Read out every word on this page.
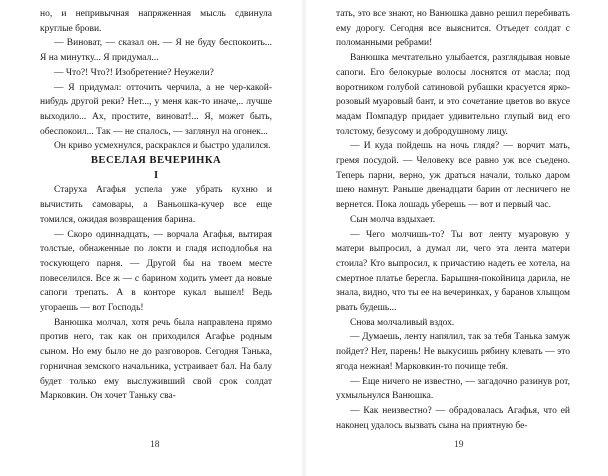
но, и непривычная напряженная мысль сдвинула круглые брови.

— Виноват, — сказал он. — Я не буду беспокоить... Я на минутку... Я придумал...

— Что?! Что?! Изобретение? Неужели?

— Я придумал: отточить черчила, а не чер-какой-нибудь другой реки? Нет..., у меня как-то иначе,.. лучше выходило... Ах, простите, виноват!... Я, может быть, обеспокоил... Так — не спалось, — заглянул на огонек...

Он криво усмехнулся, раскраклся и быстро удалился.

ВЕСЕЛАЯ ВЕЧЕРИНКА

I

Старуха Агафья успела уже убрать кухню и вычистить самовары, а Ваньошка-кучер все еще томился, ожидая возвращения барина.

— Скоро одиннадцать, — ворчала Агафья, вытирая толстые, обнаженные по локти и гладя исподлобья на тоскующего парня. — Другой бы на твоем месте повеселился. Все ж — с барином ходить умеет да новые сапоги трепать. А в конторе кукал вышел! Ведь угораешь — вот Господь!

Ванюшка молчал, хотя речь была направлена прямо против него, так как он приходился Агафье родным сыном. Но ему было не до разговоров. Сегодня Танька, горничная земского начальника, устраивает бал. На балу будет только ему выслуживший свой срок солдат Марковкин. Он хочет Таньку сва-

18	19

тать, это все знают, но Ванюшка давно решил перебивать ему дорогу. Сегодня все выяснится. Отъедет солдат с поломанными ребрами!

Ванюшка мечтательно улыбается, разглядывая новые сапоги. Его белокурые волосы лоснятся от масла; под воротником голубой сатиновой рубашки красуется ярко-розовый муаровый бант, и это сочетание цветов во вкусе мадам Помпадур придает удивительно глупый вид его толстому, безусому и добродушному лицу.

— И куда пойдешь на ночь глядя? — ворчит мать, гремя посудой. — Человеку все равно уж все съедено. Теперь парни, верно, уж драться начали, только даром шею намнут. Раньше двенадцати барин от лесничего не вернется. Пока лошадь уберешь — вот и первый час.

Сын молча вздыхает.

— Чего молчишь-то? Ты вот ленту муаровую у матери выпросил, а думал ли, чего эта лента матери стоила? Кто выпросил, к причастию надеть ее хотела, на смертное платье берегла. Барышня-покойница дарила, не знала, видно, что ты ее на вечеринках, у баранов хлыщом рвать будешь...

Снова молчаливый вздох.

— Думаешь, ленту напялил, так за тебя Танька замуж пойдет? Нет, парень! Не выкусишь рябину клевать — это ягода нежная! Марковкин-то почище тебя.

— Еще ничего не известно, — загадочно разинув рот, ухмыльнулся Ванюшка.

— Как неизвестно? — обрадовалась Агафья, что ей наконец удалось вызвать сына на приятную бе-
